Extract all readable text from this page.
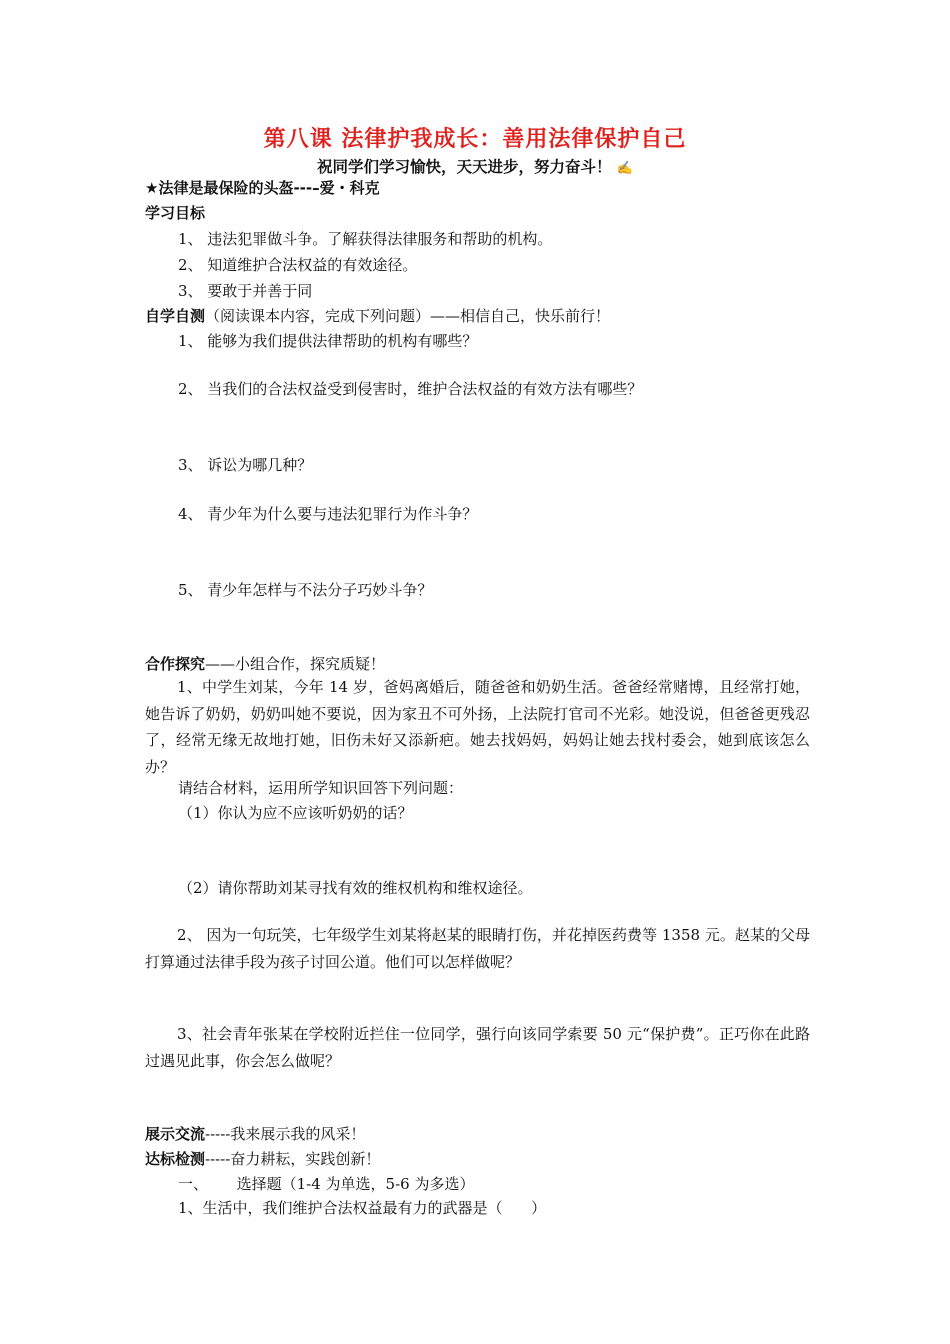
第八课 法律护我成长：善用法律保护自己
祝同学们学习愉快，天天进步，努力奋斗！ ✍
★法律是最保险的头盔---–爱・科克
学习目标
1、 违法犯罪做斗争。了解获得法律服务和帮助的机构。
2、 知道维护合法权益的有效途径。
3、 要敢于并善于同
自学自测（阅读课本内容，完成下列问题）——相信自己，快乐前行！
1、 能够为我们提供法律帮助的机构有哪些？
2、 当我们的合法权益受到侵害时，维护合法权益的有效方法有哪些？
3、 诉讼为哪几种？
4、 青少年为什么要与违法犯罪行为作斗争？
5、 青少年怎样与不法分子巧妙斗争？
合作探究——小组合作，探究质疑！
1、中学生刘某，今年 14 岁，爸妈离婚后，随爸爸和奶奶生活。爸爸经常赌博，且经常打她，她告诉了奶奶，奶奶叫她不要说，因为家丑不可外扬，上法院打官司不光彩。她没说，但爸爸更残忍了，经常无缘无故地打她，旧伤未好又添新疤。她去找妈妈，妈妈让她去找村委会，她到底该怎么办？
请结合材料，运用所学知识回答下列问题：
（1）你认为应不应该听奶奶的话？
（2）请你帮助刘某寻找有效的维权机构和维权途径。
2、 因为一句玩笑，七年级学生刘某将赵某的眼睛打伤，并花掉医药费等 1358 元。赵某的父母打算通过法律手段为孩子讨回公道。他们可以怎样做呢？
3、社会青年张某在学校附近拦住一位同学，强行向该同学索要 50 元“保护费”。正巧你在此路过遇见此事，你会怎么做呢？
展示交流-----我来展示我的风采！
达标检测-----奋力耕耘，实践创新！
一、      选择题（1-4 为单选，5-6 为多选）
1、生活中，我们维护合法权益最有力的武器是（      ）
